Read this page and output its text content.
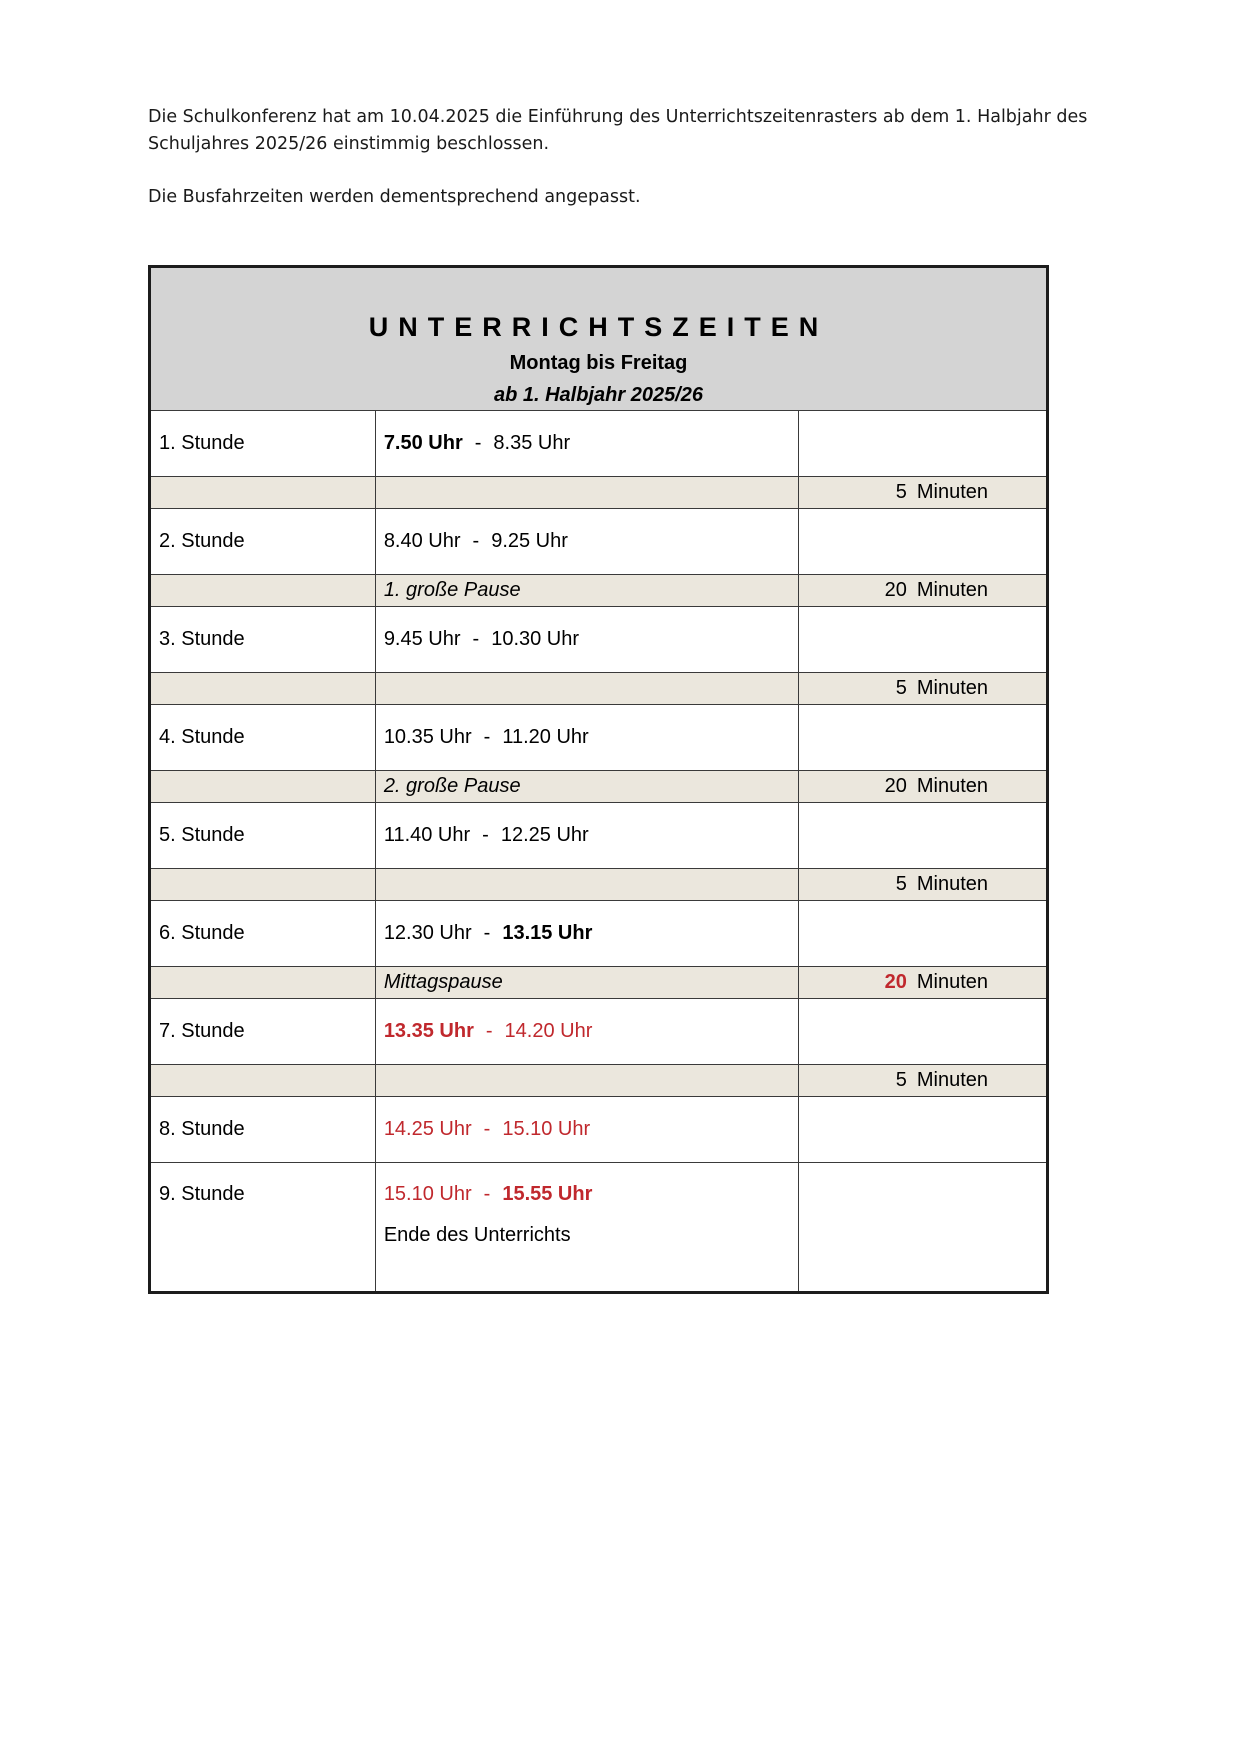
Die Schulkonferenz hat am 10.04.2025 die Einführung des Unterrichtszeitenrasters ab dem 1. Halbjahr des Schuljahres 2025/26 einstimmig beschlossen.

Die Busfahrzeiten werden dementsprechend angepasst.

UNTERRICHTSZEITEN
Montag bis Freitag
ab 1. Halbjahr 2025/26		

1. Stunde	7.50 Uhr - 8.35 Uhr	
		5 Minuten
2. Stunde	8.40 Uhr - 9.25 Uhr	
	1. große Pause	20 Minuten
3. Stunde	9.45 Uhr - 10.30 Uhr	
		5 Minuten
4. Stunde	10.35 Uhr - 11.20 Uhr	
	2. große Pause	20 Minuten
5. Stunde	11.40 Uhr - 12.25 Uhr	
		5 Minuten
6. Stunde	12.30 Uhr - 13.15 Uhr	
	Mittagspause	20 Minuten
7. Stunde	13.35 Uhr - 14.20 Uhr	
		5 Minuten
8. Stunde	14.25 Uhr - 15.10 Uhr	
9. Stunde	15.10 Uhr - 15.55 Uhr
Ende des Unterrichts	
